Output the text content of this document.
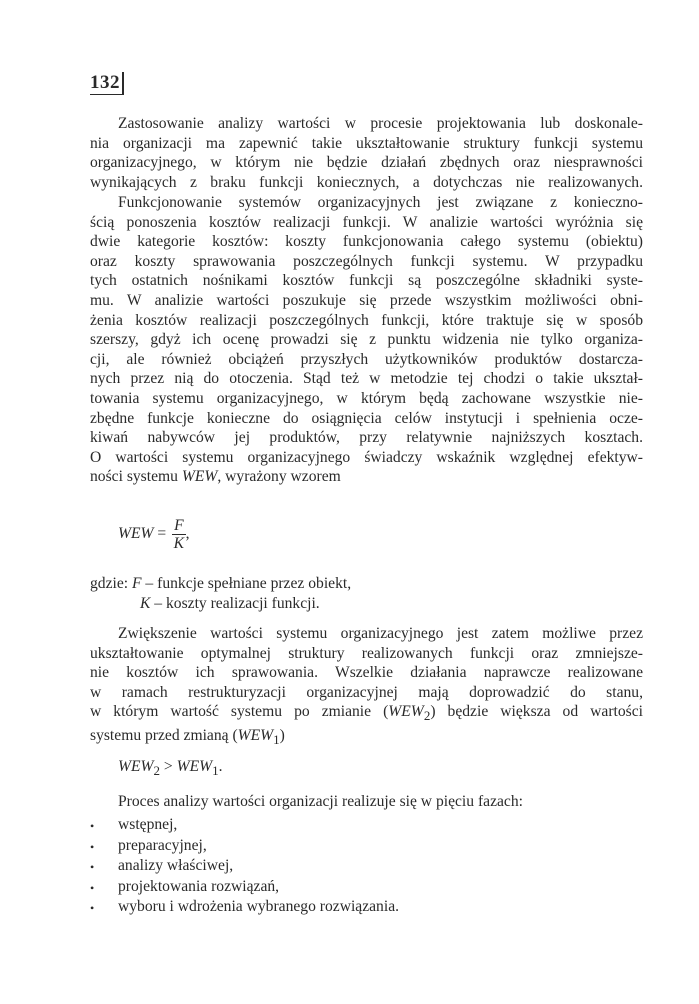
132
Zastosowanie analizy wartości w procesie projektowania lub doskonale-
nia organizacji ma zapewnić takie ukształtowanie struktury funkcji systemu
organizacyjnego, w którym nie będzie działań zbędnych oraz niesprawności
wynikających z braku funkcji koniecznych, a dotychczas nie realizowanych.
Funkcjonowanie systemów organizacyjnych jest związane z konieczno-
ścią ponoszenia kosztów realizacji funkcji. W analizie wartości wyróżnia się
dwie kategorie kosztów: koszty funkcjonowania całego systemu (obiektu)
oraz koszty sprawowania poszczególnych funkcji systemu. W przypadku
tych ostatnich nośnikami kosztów funkcji są poszczególne składniki syste-
mu. W analizie wartości poszukuje się przede wszystkim możliwości obni-
żenia kosztów realizacji poszczególnych funkcji, które traktuje się w sposób
szerszy, gdyż ich ocenę prowadzi się z punktu widzenia nie tylko organiza-
cji, ale również obciążeń przyszłych użytkowników produktów dostarcza-
nych przez nią do otoczenia. Stąd też w metodzie tej chodzi o takie ukształ-
towania systemu organizacyjnego, w którym będą zachowane wszystkie nie-
zbędne funkcje konieczne do osiągnięcia celów instytucji i spełnienia ocze-
kiwań nabywców jej produktów, przy relatywnie najniższych kosztach.
O wartości systemu organizacyjnego świadczy wskaźnik względnej efektyw-
ności systemu WEW, wyrażony wzorem
WEW = $\frac{F}{K}$ ,
gdzie: F – funkcje spełniane przez obiekt,
K – koszty realizacji funkcji.
Zwiększenie wartości systemu organizacyjnego jest zatem możliwe przez
ukształtowanie optymalnej struktury realizowanych funkcji oraz zmniejsze-
nie kosztów ich sprawowania. Wszelkie działania naprawcze realizowane
w ramach restrukturyzacji organizacyjnej mają doprowadzić do stanu,
w którym wartość systemu po zmianie $(WEW_2)$ będzie większa od wartości
systemu przed zmianą $(WEW_1)$
$WEW_2 > WEW_1$.
Proces analizy wartości organizacji realizuje się w pięciu fazach:
• wstępnej,
• preparacyjnej,
• analizy właściwej,
• projektowania rozwiązań,
• wyboru i wdrożenia wybranego rozwiązania.
